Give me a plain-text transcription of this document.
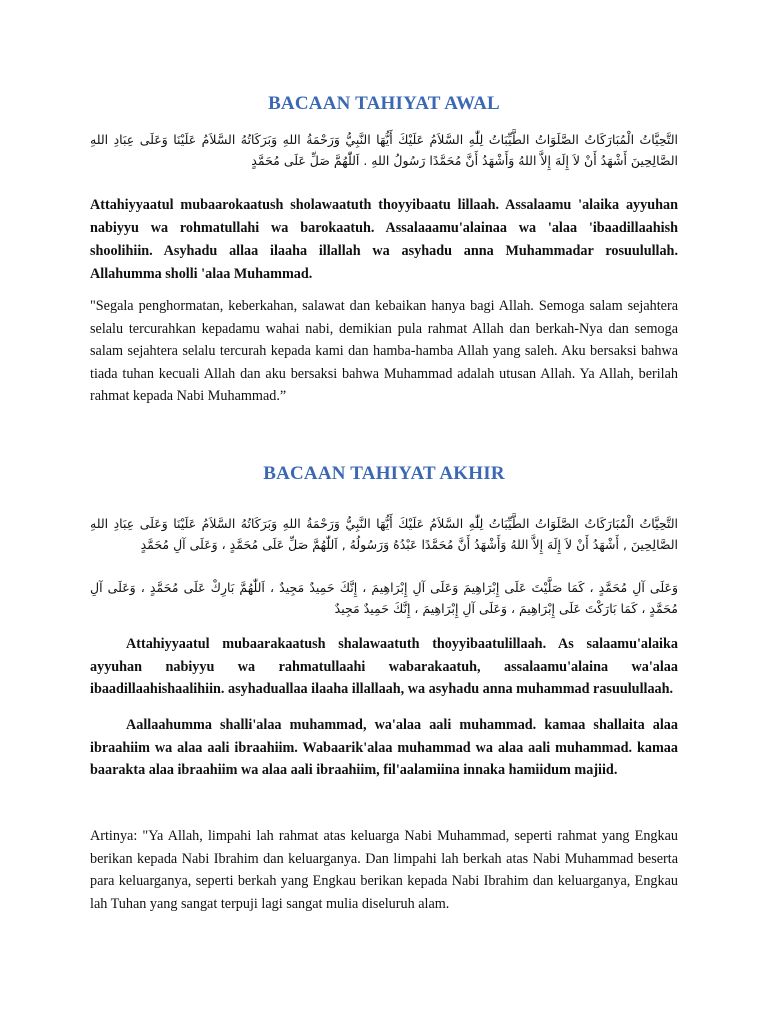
BACAAN TAHIYAT AWAL
التَّحِيَّاتُ الْمُبَارَكَاتُ الصَّلَوَاتُ الطَّيِّبَاتُ لِلّٰهِ السَّلاَمُ عَلَيْكَ أَيُّهَا النَّبِيُّ وَرَحْمَةُ اللهِ وَبَرَكَاتُهُ السَّلاَمُ عَلَيْنَا وَعَلَى عِبَادِ اللهِ الصَّالِحِينَ أَشْهَدُ أَنْ لاَ إِلَهَ إِلاَّ اللهُ وَأَشْهَدُ أَنَّ مُحَمَّدًا رَسُولُ اللهِ . اَللّٰهُمَّ صَلِّ عَلَى مُحَمَّدٍ
Attahiyyaatul mubaarokaatush sholawaatuth thoyyibaatu lillaah. Assalaamu 'alaika ayyuhan nabiyyu wa rohmatullahi wa barokaatuh. Assalaaamu'alainaa wa 'alaa 'ibaadillaahish shoolihiin. Asyhadu allaa ilaaha illallah wa asyhadu anna Muhammadar rosuulullah. Allahumma sholli 'alaa Muhammad.
"Segala penghormatan, keberkahan, salawat dan kebaikan hanya bagi Allah. Semoga salam sejahtera selalu tercurahkan kepadamu wahai nabi, demikian pula rahmat Allah dan berkah-Nya dan semoga salam sejahtera selalu tercurah kepada kami dan hamba-hamba Allah yang saleh. Aku bersaksi bahwa tiada tuhan kecuali Allah dan aku bersaksi bahwa Muhammad adalah utusan Allah. Ya Allah, berilah rahmat kepada Nabi Muhammad.”
BACAAN TAHIYAT AKHIR
التَّحِيَّاتُ الْمُبَارَكَاتُ الصَّلَوَاتُ الطَّيِّبَاتُ لِلّٰهِ السَّلاَمُ عَلَيْكَ أَيُّهَا النَّبِيُّ وَرَحْمَةُ اللهِ وَبَرَكَاتُهُ السَّلاَمُ عَلَيْنَا وَعَلَى عِبَادِ اللهِ الصَّالِحِينَ , أَشْهَدُ أَنْ لاَ إِلَهَ إِلاَّ اللهُ وَأَشْهَدُ أَنَّ مُحَمَّدًا عَبْدُهُ وَرَسُولُهُ , اَللّٰهُمَّ صَلِّ عَلَى مُحَمَّدٍ ، وَعَلَى آلِ مُحَمَّدٍ
وَعَلَى آلِ مُحَمَّدٍ ، كَمَا صَلَّيْتَ عَلَى إِبْرَاهِيمَ وَعَلَى آلِ إِبْرَاهِيمَ ، إِنَّكَ حَمِيدٌ مَجِيدٌ ، اَللّٰهُمَّ بَارِكْ عَلَى مُحَمَّدٍ ، وَعَلَى آلِ مُحَمَّدٍ ، كَمَا بَارَكْتَ عَلَى إِبْرَاهِيمَ ، وَعَلَى آلِ إِبْرَاهِيمَ ، إِنَّكَ حَمِيدٌ مَجِيدٌ
Attahiyyaatul mubaarakaatush shalawaatuth thoyyibaatulillaah. As salaamu'alaika ayyuhan nabiyyu wa rahmatullaahi wabarakaatuh, assalaamu'alaina wa'alaa ibaadillaahishaalihiin. asyhaduallaa ilaaha illallaah, wa asyhadu anna muhammad rasuulullaah.
Aallaahumma shalli'alaa muhammad, wa'alaa aali muhammad. kamaa shallaita alaa ibraahiim wa alaa aali ibraahiim. Wabaarik'alaa muhammad wa alaa aali muhammad. kamaa baarakta alaa ibraahiim wa alaa aali ibraahiim, fil'aalamiina innaka hamiidum majiid.
Artinya: "Ya Allah, limpahi lah rahmat atas keluarga Nabi Muhammad, seperti rahmat yang Engkau berikan kepada Nabi Ibrahim dan keluarganya. Dan limpahi lah berkah atas Nabi Muhammad beserta para keluarganya, seperti berkah yang Engkau berikan kepada Nabi Ibrahim dan keluarganya, Engkau lah Tuhan yang sangat terpuji lagi sangat mulia diseluruh alam.
